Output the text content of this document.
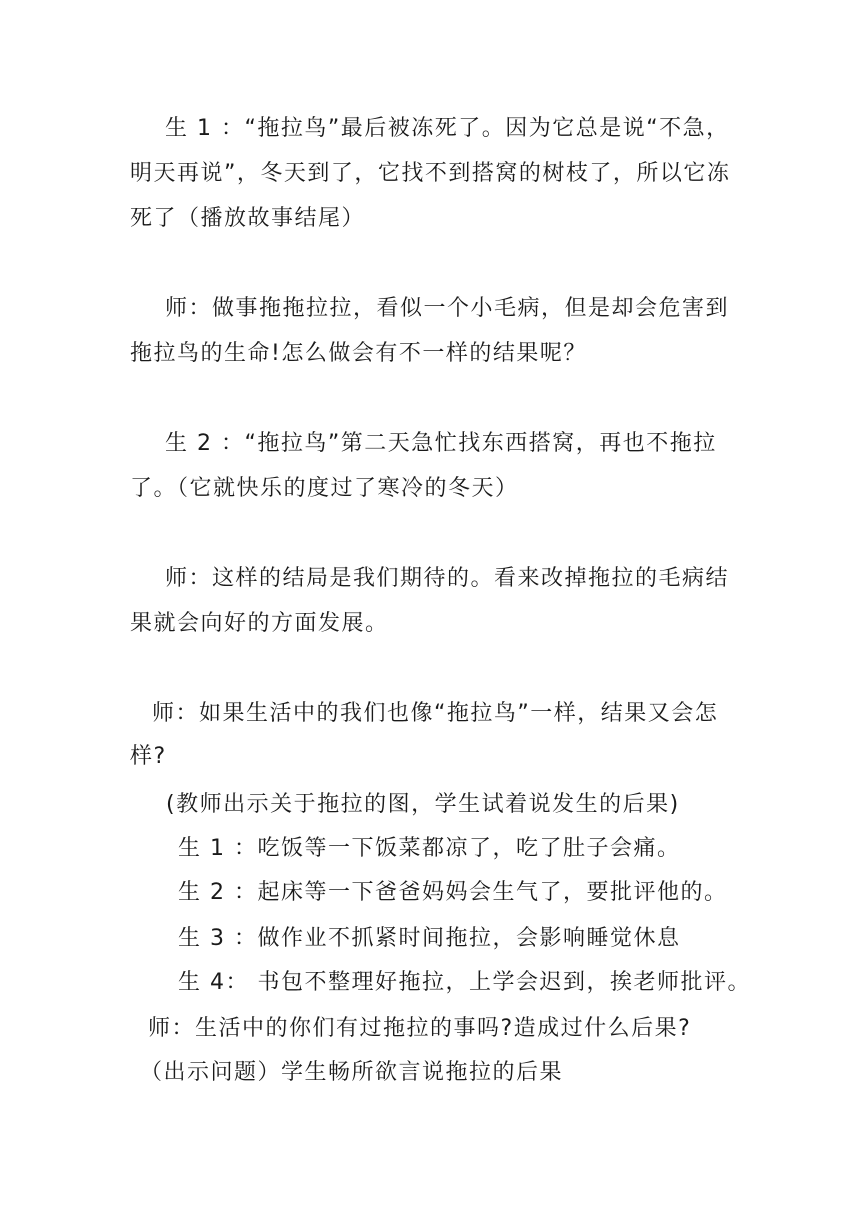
生 1 ：“拖拉鸟”最后被冻死了。因为它总是说“不急，
明天再说”，冬天到了，它找不到搭窝的树枝了，所以它冻
死了（播放故事结尾）
师：做事拖拖拉拉，看似一个小毛病，但是却会危害到
拖拉鸟的生命!怎么做会有不一样的结果呢？
生 2 ：“拖拉鸟”第二天急忙找东西搭窝，再也不拖拉
了。（它就快乐的度过了寒冷的冬天）
师：这样的结局是我们期待的。看来改掉拖拉的毛病结
果就会向好的方面发展。
师：如果生活中的我们也像“拖拉鸟”一样，结果又会怎
样?
(教师出示关于拖拉的图，学生试着说发生的后果)
生 1 ：吃饭等一下饭菜都凉了，吃了肚子会痛。
生 2 ：起床等一下爸爸妈妈会生气了，要批评他的。
生 3 ：做作业不抓紧时间拖拉，会影响睡觉休息
生 4： 书包不整理好拖拉，上学会迟到，挨老师批评。
师：生活中的你们有过拖拉的事吗?造成过什么后果?
（出示问题）学生畅所欲言说拖拉的后果
